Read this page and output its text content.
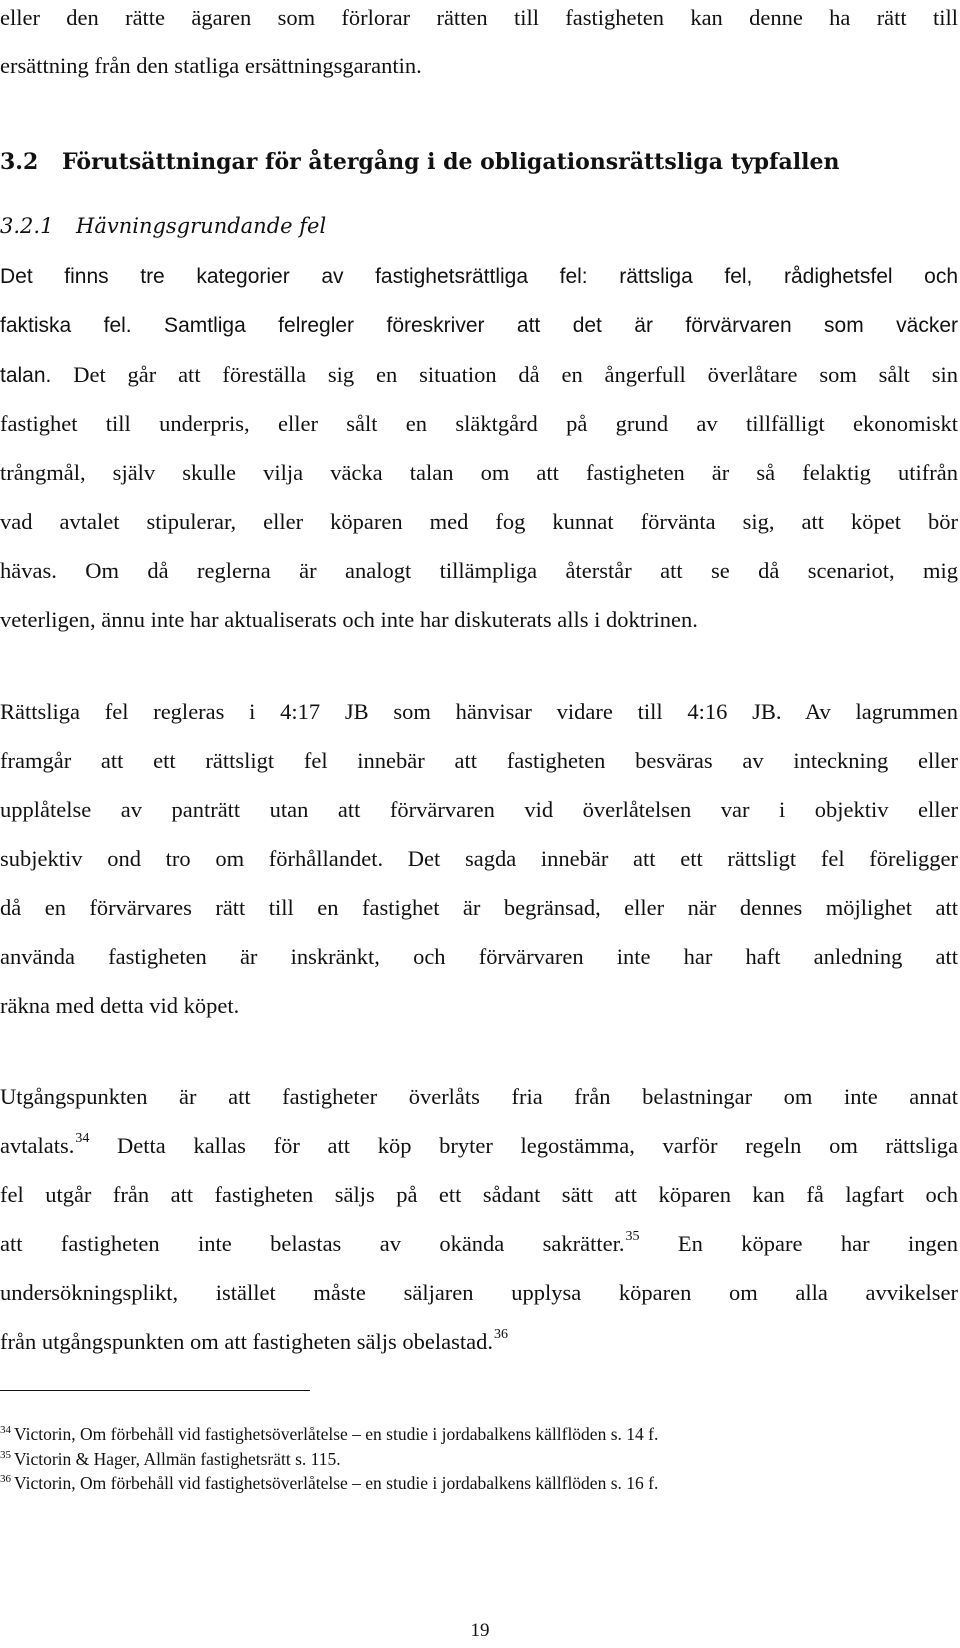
eller den rätte ägaren som förlorar rätten till fastigheten kan denne ha rätt till
ersättning från den statliga ersättningsgarantin.
3.2 Förutsättningar för återgång i de obligationsrättsliga typfallen
3.2.1 Hävningsgrundande fel
Det finns tre kategorier av fastighetsrättliga fel: rättsliga fel, rådighetsfel och
faktiska fel. Samtliga felregler föreskriver att det är förvärvaren som väcker
talan. Det går att föreställa sig en situation då en ångerfull överlåtare som sålt sin
fastighet till underpris, eller sålt en släktgård på grund av tillfälligt ekonomiskt
trångmål, själv skulle vilja väcka talan om att fastigheten är så felaktig utifrån
vad avtalet stipulerar, eller köparen med fog kunnat förvänta sig, att köpet bör
hävas. Om då reglerna är analogt tillämpliga återstår att se då scenariot, mig
veterligen, ännu inte har aktualiserats och inte har diskuterats alls i doktrinen.
Rättsliga fel regleras i 4:17 JB som hänvisar vidare till 4:16 JB. Av lagrummen
framgår att ett rättsligt fel innebär att fastigheten besväras av inteckning eller
upplåtelse av panträtt utan att förvärvaren vid överlåtelsen var i objektiv eller
subjektiv ond tro om förhållandet. Det sagda innebär att ett rättsligt fel föreligger
då en förvärvares rätt till en fastighet är begränsad, eller när dennes möjlighet att
använda fastigheten är inskränkt, och förvärvaren inte har haft anledning att
räkna med detta vid köpet.
Utgångspunkten är att fastigheter överlåts fria från belastningar om inte annat
avtalats.$^{34}$ Detta kallas för att köp bryter legostämma, varför regeln om rättsliga
fel utgår från att fastigheten säljs på ett sådant sätt att köparen kan få lagfart och
att fastigheten inte belastas av okända sakrätter.$^{35}$ En köpare har ingen
undersökningsplikt, istället måste säljaren upplysa köparen om alla avvikelser
från utgångspunkten om att fastigheten säljs obelastad.$^{36}$
$^{34}$ Victorin, Om förbehåll vid fastighetsöverlåtelse – en studie i jordabalkens källflöden s. 14 f.
$^{35}$ Victorin & Hager, Allmän fastighetsrätt s. 115.
$^{36}$ Victorin, Om förbehåll vid fastighetsöverlåtelse – en studie i jordabalkens källflöden s. 16 f.
19
